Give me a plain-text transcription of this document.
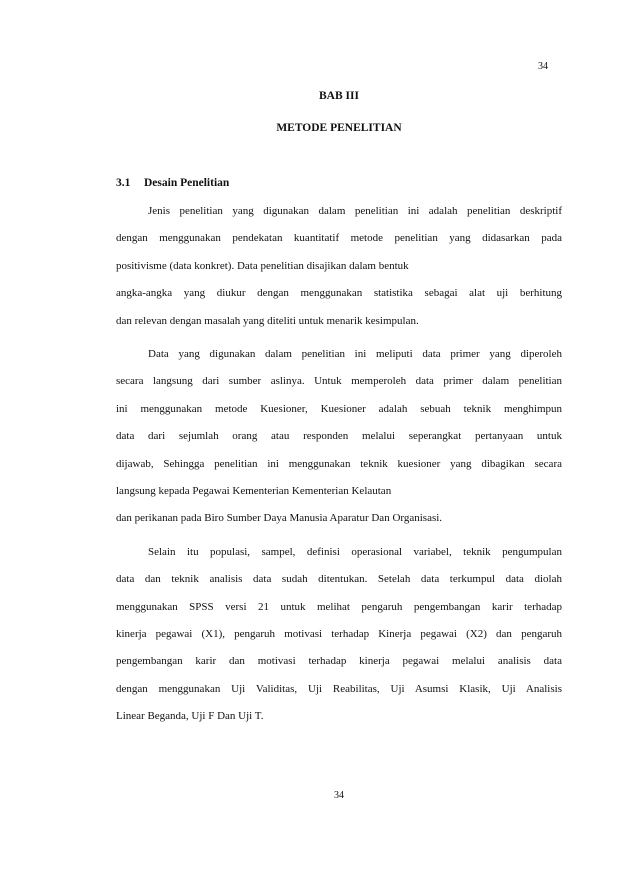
34
BAB III
METODE PENELITIAN
3.1 Desain Penelitian
Jenis penelitian yang digunakan dalam penelitian ini adalah penelitian deskriptif
dengan menggunakan pendekatan kuantitatif metode penelitian yang didasarkan pada
positivisme (data konkret). Data penelitian disajikan dalam bentuk
angka-angka yang diukur dengan menggunakan statistika sebagai alat uji berhitung
dan relevan dengan masalah yang diteliti untuk menarik kesimpulan.
Data yang digunakan dalam penelitian ini meliputi data primer yang diperoleh
secara langsung dari sumber aslinya. Untuk memperoleh data primer dalam penelitian
ini menggunakan metode Kuesioner, Kuesioner adalah sebuah teknik menghimpun
data dari sejumlah orang atau responden melalui seperangkat pertanyaan untuk
dijawab, Sehingga penelitian ini menggunakan teknik kuesioner yang dibagikan secara
langsung kepada Pegawai Kementerian Kementerian Kelautan
dan perikanan pada Biro Sumber Daya Manusia Aparatur Dan Organisasi.
Selain itu populasi, sampel, definisi operasional variabel, teknik pengumpulan
data dan teknik analisis data sudah ditentukan. Setelah data terkumpul data diolah
menggunakan SPSS versi 21 untuk melihat pengaruh pengembangan karir terhadap
kinerja pegawai (X1), pengaruh motivasi terhadap Kinerja pegawai (X2) dan pengaruh
pengembangan karir dan motivasi terhadap kinerja pegawai melalui analisis data
dengan menggunakan Uji Validitas, Uji Reabilitas, Uji Asumsi Klasik, Uji Analisis
Linear Beganda, Uji F Dan Uji T.
34
